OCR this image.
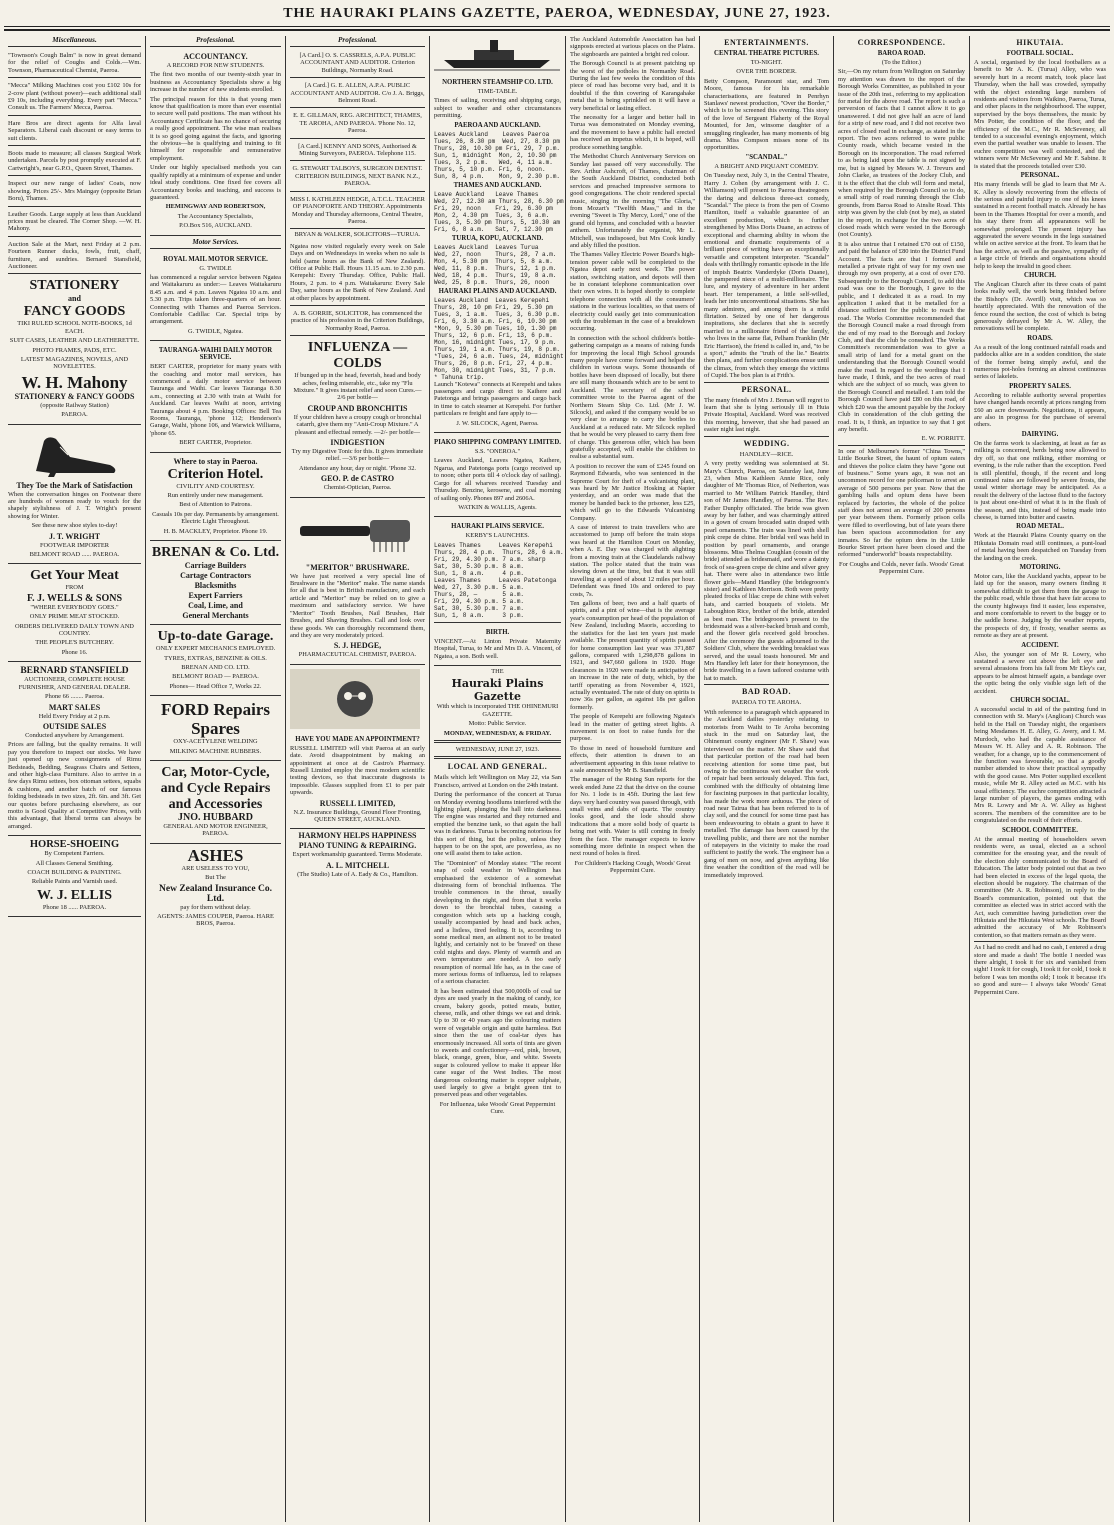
THE HAURAKI PLAINS GAZETTE, PAEROA, WEDNESDAY, JUNE 27, 1923.
Miscellaneous.

"Townson's Cough Balm" is now in great demand for the relief of Coughs and Colds.—Wm. Townson, Pharmaceutical Chemist, Paeroa.

"Mecca" Milking Machines cost you £102 10s for 2-cow plant (without power)—each additional stall £9 10s, including everything. Every part "Mecca." Consult us. The Farmers' Mecca, Paeroa.

Hare Bros are direct agents for Alfa laval Separators. Liberal cash discount or easy terms to suit clients.

Boots made to measure; all classes Surgical Work undertaken. Parcels by post promptly executed at F. Cartwright's, near G.P.O., Queen Street, Thames.

Inspect our new range of ladies' Coats, now showing. Prices 25/-. Mrs Maingay (opposite Brian Boru), Thames.

Leather Goods. Large supply at less than Auckland prices must be cleared. The Corner Shop. —W. H. Mahony.

Auction Sale at the Mart, next Friday at 2 p.m. Fourteen Runner ducks, fowls, fruit, chaff, furniture, and sundries. Bernard Stansfield, Auctioneer.

STATIONERY
and
FANCY GOODS

TIKI RULED SCHOOL NOTE-BOOKS, 1d EACH.

SUIT CASES, LEATHER AND LEATHERETTE.

PHOTO FRAMES, PADS, ETC.

LATEST MAGAZINES, NOVELS, AND NOVELETTES.

W. H. Mahony
STATIONERY & FANCY GOODS

(opposite Railway Station)

PAEROA.

They Toe the Mark of Satisfaction

When the conversation hinges on Footwear there are hundreds of women ready to vouch for the shapely stylishness of J. T. Wright's present showing for Winter.

See these new shoe styles to-day!

J. T. WRIGHT

FOOTWEAR IMPORTER

BELMONT ROAD ...... PAEROA.

Get Your Meat

FROM

F. J. WELLS & SONS

"WHERE EVERYBODY GOES."

ONLY PRIME MEAT STOCKED.

ORDERS DELIVERED DAILY TOWN AND COUNTRY.

THE PEOPLE'S BUTCHERY.

Phone 16.

BERNARD STANSFIELD

AUCTIONEER, COMPLETE HOUSE FURNISHER, AND GENERAL DEALER.

Phone 66 ........ Paeroa.

MART SALES

Held Every Friday at 2 p.m.

OUTSIDE SALES

Conducted anywhere by Arrangement.

Prices are falling, but the quality remains. It will pay you therefore to inspect our stocks. We have just opened up new consignments of Rimu Bedsteads, Bedding, Seagrass Chairs and Settees, and other high-class Furniture. Also to arrive in a few days Rimu settees, box ottoman settees, squabs & cushions, and another batch of our famous folding bedsteads in two sizes, 2ft. 6in. and 3ft. Get our quotes before purchasing elsewhere, as our motto is Good Quality at Competitive Prices, with this advantage, that liberal terms can always be arranged.

HORSE-SHOEING

By Competent Farriers.

All Classes General Smithing.

COACH BUILDING & PAINTING.

Reliable Paints and Varnish used.

W. J. ELLIS

Phone 18 ...... PAEROA.

Professional.
ACCOUNTANCY.

A RECORD FOR NEW STUDENTS.

The first two months of our twenty-sixth year in business as Accountancy Specialists show a big increase in the number of new students enrolled.

The principal reason for this is that young men know that qualification is more than ever essential to secure well paid positions. The man without his Accountancy Certificate has no chance of securing a really good appointment. The wise man realises it is so good going against the facts, and ignoring the obvious—he is qualifying and training to fit himself for responsible and remunerative employment.

Under our highly specialised methods you can qualify rapidly at a minimum of expense and under ideal study conditions. One fixed fee covers all Accountancy books and teaching, and success is guaranteed.

HEMINGWAY AND ROBERTSON,

The Accountancy Specialists,

P.O.Box 516, AUCKLAND.

Motor Services.
ROYAL MAIL MOTOR SERVICE.

G. TWIDLE

has commenced a regular service between Ngatea and Waitakaruru as under:— Leaves Waitakaruru 8.45 a.m. and 4 p.m. Leaves Ngatea 10 a.m. and 5.30 p.m. Trips taken three-quarters of an hour. Connecting with Thames and Paeroa Services. Comfortable Cadillac Car. Special trips by arrangement.

G. TWIDLE, Ngatea.

TAURANGA-WAIHI DAILY MOTOR SERVICE.

BERT CARTER, proprietor for many years with the coaching and motor mail services, has commenced a daily motor service between Tauranga and Waihi. Car leaves Tauranga 8.30 a.m., connecting at 2.30 with train at Waihi for Auckland. Car leaves Waihi at noon, arriving Tauranga about 4 p.m. Booking Offices: Bell Tea Rooms, Tauranga, 'phone 112; Henderson's Garage, Waihi, 'phone 106, and Warwick Williams, 'phone 65.

BERT CARTER, Proprietor.

Where to stay in Paeroa.
Criterion Hotel.

CIVILITY AND COURTESY.

Run entirely under new management.

Best of Attention to Patrons.

Casuals 10s per day. Permanents by arrangement. Electric Light Throughout.

H. B. MACKLEY, Proprietor. Phone 19.

BRENAN & Co. Ltd.
Carriage Builders
Cartage Contractors
Blacksmiths
Expert Farriers
Coal, Lime, and
General Merchants
Up-to-date Garage.

ONLY EXPERT MECHANICS EMPLOYED.

TYRES, EXTRAS, BENZINE & OILS.

BRENAN AND CO. LTD.

BELMONT ROAD — PAEROA.

Phones— Head Office 7, Works 22.

FORD Repairs Spares

OXY-ACETYLENE WELDING

MILKING MACHINE RUBBERS.

Car, Motor-Cycle, and Cycle Repairs and Accessories
JNO. HUBBARD

GENERAL AND MOTOR ENGINEER, PAEROA.

ASHES

ARE USELESS TO YOU,

But The

New Zealand Insurance Co. Ltd.

pay for them without delay.

AGENTS: JAMES COUPER, Paeroa. HARE BROS, Paeroa.

Professional.

[A Card.] O. S. CASSRELS, A.P.A. PUBLIC ACCOUNTANT AND AUDITOR. Criterion Buildings, Normanby Road.

[A Card.] G. E. ALLEN, A.P.A. PUBLIC ACCOUNTANT AND AUDITOR. C/o J. A. Briggs, Belmont Road.

E. E. GILLMAN, REG. ARCHITECT, THAMES, TE AROHA, AND PAEROA. 'Phone No. 12, Paeroa.

[A Card.] KENNY AND SONS, Authorised & Mining Surveyors, PAEROA. Telephone 115.

G. STEWART TALBOYS, SURGEON DENTIST. CRITERION BUILDINGS, NEXT BANK N.Z., PAEROA.

MISS I. KATHLEEN HEDGE, A.T.C.L. TEACHER OF PIANOFORTE AND THEORY. Appointments Monday and Thursday afternoons, Central Theatre, Paeroa.

BRYAN & WALKER, SOLICITORS—TURUA.

Ngatea now visited regularly every week on Sale Days and on Wednesdays in weeks when no sale is held (same hours as the Bank of New Zealand). Office at Public Hall. Hours 11.15 a.m. to 2.30 p.m. Kerepehi: Every Thursday. Office, Public Hall. Hours, 2 p.m. to 4 p.m. Waitakaruru: Every Sale Day, same hours as the Bank of New Zealand. And at other places by appointment.

A. B. GORRIE, SOLICITOR, has commenced the practice of his profession in the Criterion Buildings, Normanby Road, Paeroa.

INFLUENZA — COLDS

If bunged up in the head, feverish, head and body aches, feeling miserable, etc., take my "Flu Mixture." It gives instant relief and soon Cures.—2/6 per bottle—

CROUP AND BRONCHITIS

If your children have a croupy cough or bronchial catarrh, give them my "Anti-Croup Mixture." A pleasant and effectual remedy. —2/- per bottle—

INDIGESTION

Try my Digestive Tonic for this. It gives immediate relief. —3/6 per bottle—

Attendance any hour, day or night. 'Phone 32.

GEO. P. de CASTRO

Chemist-Optician, Paeroa.

"MERITOR" BRUSHWARE.

We have just received a very special line of Brushware in the "Meritor" make. The name stands for all that is best in British manufacture, and each article and "Meritor" may be relied on to give a maximum and satisfactory service. We have "Meritor" Tooth Brushes, Nail Brushes, Hair Brushes, and Shaving Brushes. Call and look over these goods. We can thoroughly recommend them, and they are very moderately priced.

S. J. HEDGE,

PHARMACEUTICAL CHEMIST, PAEROA.

HAVE YOU MADE AN APPOINTMENT?

RUSSELL LIMITED will visit Paeroa at an early date. Avoid disappointment by making an appointment at once at de Castro's Pharmacy. Russell Limited employ the most modern scientific testing devices, so that inaccurate diagnosis is impossible. Glasses supplied from £1 to per pair upwards.

RUSSELL LIMITED,

N.Z. Insurance Buildings, Ground Floor Fronting, QUEEN STREET, AUCKLAND.

HARMONY HELPS HAPPINESS
PIANO TUNING & REPAIRING.

Expert workmanship guaranteed. Terms Moderate.

A. L. MITCHELL

(The Studio) Late of A. Eady & Co., Hamilton.

NORTHERN STEAMSHIP CO. LTD.

TIME-TABLE.

Times of sailing, receiving and shipping cargo, subject to weather and other circumstances permitting.

PAEROA AND AUCKLAND.
Leaves Auckland    Leaves Paeroa
Tues, 26, 8.30 pm  Wed, 27, 8.30 pm
Thurs, 28, 10.30 pm Fri, 29, 7 p.m.
Sun, 1, midnight  Mon, 2, 10.30 pm
Tues, 3, 2 p.m.   Wed, 4, 11 a.m.
Thurs, 5, 10 p.m. Fri, 6, noon.
Sun, 8, 4 p.m.    Mon, 9, 2.30 p.m.
THAMES AND AUCKLAND.
Leave Auckland   Leave Thames
Wed, 27, 12.30 am Thurs, 28, 6.30 pm
Fri, 29, noon    Fri, 29, 6.30 pm
Mon, 2, 4.30 pm  Tues, 3, 6 a.m.
Tues, 3, 5.30 pm Thurs, 5, 10.30 am
Fri, 6, 8 a.m.   Sat, 7, 12.30 pm
TURUA, KOPU, AUCKLAND.
Leaves Auckland  Leaves Turua
Wed, 27, noon    Thurs, 28, 7 a.m.
Mon, 4, 5.30 pm  Thurs, 5, 8 a.m.
Wed, 11, 8 p.m.  Thurs, 12, 1 p.m.
Wed, 18, 4 p.m.  Thurs, 19, 8 a.m.
Wed, 25, 8 p.m.  Thurs, 26, noon
HAURAKI PLAINS AND AUCKLAND.
Leaves Auckland  Leaves Kerepehi
Thurs, 28, 10 pm Fri, 29, 5.30 pm
Tues, 3, 1 a.m.  Tues, 3, 6.30 p.m.
Fri, 6, 3.30 a.m. Fri, 6, 10.30 pm
*Mon, 9, 5.30 pm Tues, 10, 1.30 pm
Thurs, 12, 6 p.m. Fri, 13, 6 p.m.
Mon, 16, midnight Tues, 17, 9 p.m.
Thurs, 19, 1 a.m. Thurs, 19, 8 p.m.
*Tues, 24, 6 a.m. Tues, 24, midnight
Thurs, 26, 8 p.m. Fri, 27, 4 p.m.
Mon, 30, midnight Tues, 31, 7 p.m.
* Tahuna trip.

Launch "Kotewa" connects at Kerepehi and takes passengers and cargo direct to Kaihere and Patetonga and brings passengers and cargo back in time to catch steamer at Kerepehi. For further particulars re freight and fare apply to—

J. W. SILCOCK, Agent, Paeroa.

PIAKO SHIPPING COMPANY LIMITED.

S.S. "ONEROA."

Leaves Auckland, Leaves Ngatea, Kaihere, Ngarua, and Patetonga ports (cargo received up to noon; other ports till 4 o'clock day of sailing). Cargo for all wharves received Tuesday and Thursday. Benzine, kerosene, and coal morning of sailing only. Phones 897 and 2606A.

WATKIN & WALLIS, Agents.

HAURAKI PLAINS SERVICE.

KERBY'S LAUNCHES.

Leaves Thames     Leaves Kerepehi
Thurs, 28, 4 p.m.  Thurs, 28, 6 a.m.
Fri, 29, 4.30 p.m. 7 a.m. sharp
Sat, 30, 5.30 p.m. 8 a.m.
Sun, 1, 8 a.m.     4 p.m.
Leaves Thames     Leaves Patetonga
Wed, 27, 3.30 p.m. 5 a.m.
Thurs, 28, —       5 a.m.
Fri, 29, 4.30 p.m. 5 a.m.
Sat, 30, 5.30 p.m. 7 a.m.
Sun, 1, 8 a.m.     3 p.m.
BIRTH.

VINCENT.—At Linton Private Maternity Hospital, Turua, to Mr and Mrs D. A. Vincent, of Ngatea, a son. Both well.

THE

Hauraki Plains Gazette

With which is incorporated THE OHINEMURI GAZETTE.

Motto: Public Service.

MONDAY, WEDNESDAY, & FRIDAY.

WEDNESDAY, JUNE 27, 1923.

LOCAL AND GENERAL.

Mails which left Wellington on May 22, via San Francisco, arrived at London on the 24th instant.

During the performance of the concert at Turua on Monday evening hoodlums interfered with the lighting plant, plunging the hall into darkness. The engine was restarted and they returned and emptied the benzine tank, so that again the hall was in darkness. Turua is becoming notorious for this sort of thing, but the police, unless they happen to be on the spot, are powerless, as no one will assist them to take action.

The "Dominion" of Monday states: "The recent snap of cold weather in Wellington has emphasised the existence of a somewhat distressing form of bronchial influenza. The trouble commences in the throat, usually developing in the night, and from that it works down to the bronchial tubes, causing a congestion which sets up a hacking cough, usually accompanied by head and back aches, and a listless, tired feeling. It is, according to some medical men, an ailment not to be treated lightly, and certainly not to be 'braved' on these cold nights and days. Plenty of warmth and an even temperature are needed. A too early resumption of normal life has, as in the case of more serious forms of influenza, led to relapses of a serious character.

It has been estimated that 500,000lb of coal tar dyes are used yearly in the making of candy, ice cream, bakery goods, potted meats, butter, cheese, milk, and other things we eat and drink. Up to 30 or 40 years ago the colouring matters were of vegetable origin and quite harmless. But since then the use of coal-tar dyes has enormously increased. All sorts of tints are given to sweets and confectionery—red, pink, brown, black, orange, green, blue, and white. Sweets sugar is coloured yellow to make it appear like cane sugar of the West Indies. The most dangerous colouring matter is copper sulphate, used largely to give a bright green tint to preserved peas and other vegetables.

For Influenza, take Woods' Great Peppermint Cure.

The Auckland Automobile Association has had signposts erected at various places on the Plains. The signboards are painted a bright red colour.

The Borough Council is at present patching up the worst of the potholes in Normanby Road. During the last few weeks the condition of this piece of road has become very bad, and it is doubtful if the thin covering of Karangahake metal that is being sprinkled on it will have a very beneficial or lasting effect.

The necessity for a larger and better hall in Turua was demonstrated on Monday evening, and the movement to have a public hall erected has received an impetus which, it is hoped, will produce something tangible.

The Methodist Church Anniversary Services on Sunday last passed off very successfully. The Rev. Arthur Ashcroft, of Thames, chairman of the South Auckland District, conducted both services and preached impressive sermons to good congregations. The choir rendered special music, singing in the morning "The Gloria," from Mozart's "Twelfth Mass," and in the evening "Sweet is Thy Mercy, Lord," one of the grand old hymns, and concluded with a heavier anthem. Unfortunately the organist, Mr L. Mitchell, was indisposed, but Mrs Cook kindly and ably filled the position.

The Thames Valley Electric Power Board's high-tension power cable will be completed to the Ngatea depot early next week. The power station, switching station, and depots will then be in constant telephone communication over their own wires. It is hoped shortly to complete telephone connection with all the consumers' stations in the various localities, so that users of electricity could easily get into communication with the troubleman in the case of a breakdown occurring.

In connection with the school children's bottle-gathering campaign as a means of raising funds for improving the local High School grounds many people have come forward and helped the children in various ways. Some thousands of bottles have been disposed of locally, but there are still many thousands which are to be sent to Auckland. The secretary of the school committee wrote to the Paeroa agent of the Northern Steam Ship Co. Ltd. (Mr J. W. Silcock), and asked if the company would be so very clear to arrange to carry the bottles to Auckland at a reduced rate. Mr Silcock replied that he would be very pleased to carry them free of charge. This generous offer, which has been gratefully accepted, will enable the children to realise a substantial sum.

A position to recover the sum of £245 found on Raymond Edwards, who was sentenced in the Supreme Court for theft of a vulcanising plant, was heard by Mr Justice Hosking at Napier yesterday, and an order was made that the money be handed back to the prisoner, less £25, which will go to the Edwards Vulcanising Company.

A case of interest to train travellers who are accustomed to jump off before the train stops was heard at the Hamilton Court on Monday, when A. E. Day was charged with alighting from a moving train at the Claudelands railway station. The police stated that the train was slowing down at the time, but that it was still travelling at a speed of about 12 miles per hour. Defendant was fined 10s and ordered to pay costs, 7s.

Ten gallons of beer, two and a half quarts of spirits, and a pint of wine—that is the average year's consumption per head of the population of New Zealand, including Maoris, according to the statistics for the last ten years just made available. The present quantity of spirits passed for home consumption last year was 371,887 gallons, compared with 1,298,878 gallons in 1921, and 947,660 gallons in 1920. Huge clearances in 1920 were made in anticipation of an increase in the rate of duty, which, by the tariff operating as from November 4, 1921, actually eventuated. The rate of duty on spirits is now 36s per gallon, as against 18s per gallon formerly.

The people of Kerepehi are following Ngatea's lead in the matter of getting street lights. A movement is on foot to raise funds for the purpose.

To those in need of household furniture and effects, their attention is drawn to an advertisement appearing in this issue relative to a sale announced by Mr B. Stansfield.

The manager of the Rising Sun reports for the week ended June 22 that the drive on the course for No. 1 lode is in 45ft. During the last few days very hard country was passed through, with small veins and dabs of quartz. The country looks good, and the lode should show indications that a more solid body of quartz is being met with. Water is still coming in freely from the face. The manager expects to know something more definite in respect when the next round of holes is fired.

For Children's Hacking Cough, Woods' Great Peppermint Cure.

ENTERTAINMENTS.
CENTRAL THEATRE PICTURES.

TO-NIGHT.

OVER THE BORDER.

Betty Compson, Paramount star, and Tom Moore, famous for his remarkable characterisations, are featured in Penrhyn Stanlaws' newest production, "Over the Border," which is to be screened this evening. This story of the love of Sergeant Flaherty of the Royal Mounted, for Jen, winsome daughter of a smuggling ringleader, has many moments of big drama. Miss Compson misses none of its opportunities.

"SCANDAL."

A BRIGHT AND PIQUANT COMEDY.

On Tuesday next, July 3, in the Central Theatre, Harry J. Cohen (by arrangement with J. C. Williamson) will present to Paeroa theatregoers the daring and delicious three-act comedy, "Scandal." The piece is from the pen of Cosmo Hamilton, itself a valuable guarantee of an excellent production, which is further strengthened by Miss Doris Duane, an actress of exceptional and charming ability in whom the emotional and dramatic requirements of a brilliant piece of writing have an exceptionally versatile and competent interpreter. "Scandal" deals with thrillingly romantic episode in the life of impish Beatrix Vanderdyke (Doris Duane), the pampered niece of a multi-millionaire. The lure, and mystery of adventure in her ardent heart. Her temperament, a little self-willed, leads her into unconventional situations. She has many admirers, and among them is a mild flirtation. Seized by one of her dangerous inspirations, she declares that she is secretly married to a millionaire friend of the family, who lives in the same flat, Pelham Franklin (Mr Eric Harrison), the friend is called in, and, "to be a sport," admits the "truth of the lie." Beatrix then plans, and further complications ensue until the climax, from which they emerge the victims of Cupid. The box plan is at Frith's.

PERSONAL.

The many friends of Mrs J. Brenan will regret to learn that she is lying seriously ill in Huia Private Hospital, Auckland. Word was received this morning, however, that she had passed an easier night last night.

WEDDING.

HANDLEY—RICE.

A very pretty wedding was solemnised at St. Mary's Church, Paeroa, on Saturday last, June 23, when Miss Kathleen Annie Rice, only daughter of Mr Thomas Rice, of Netherton, was married to Mr William Patrick Handley, third son of Mr James Handley, of Paeroa. The Rev. Father Dunphy officiated. The bride was given away by her father, and was charmingly attired in a gown of cream brocaded satin draped with pearl ornaments. The train was lined with shell pink crepe de chine. Her bridal veil was held in position by pearl ornaments, and orange blossoms. Miss Thelma Coughlan (cousin of the bride) attended as bridesmaid, and wore a dainty frock of sea-green crepe de chine and silver grey hat. There were also in attendance two little flower girls—Mand Handley (the bridegroom's sister) and Kathleen Morrison. Both wore pretty pleated frocks of lilac crepe de chine with velvet hats, and carried bouquets of violets. Mr Laboughton Rice, brother of the bride, attended as best man. The bridegroom's present to the bridesmaid was a silver-backed brush and comb, and the flower girls received gold brooches. After the ceremony the guests adjourned to the Soldiers' Club, where the wedding breakfast was served, and the usual toasts honoured. Mr and Mrs Handley left later for their honeymoon, the bride travelling in a fawn tailored costume with hat to match.

BAD ROAD.

PAEROA TO TE AROHA.

With reference to a paragraph which appeared in the Auckland dailies yesterday relating to motorists from Waihi to Te Aroha becoming stuck in the mud on Saturday last, the Ohinemuri county engineer (Mr F. Shaw) was interviewed on the matter. Mr Shaw said that that particular portion of the road had been receiving attention for some time past, but owing to the continuous wet weather the work of repair had been seriously delayed. This fact, combined with the difficulty of obtaining lime for fascining purposes in that particular locality, has made the work more arduous. The piece of road near Tairua that has been referred to is of clay soil, and the council for some time past has been endeavouring to obtain a grant to have it metalled. The damage has been caused by the travelling public, and there are not the number of ratepayers in the vicinity to make the road sufficient to justify the work. The engineer has a gang of men on now, and given anything like fine weather the condition of the road will be immediately improved.

CORRESPONDENCE.
BAROA ROAD.

(To the Editor.)

Sir,—On my return from Wellington on Saturday my attention was drawn to the report of the Borough Works Committee, as published in your issue of the 20th inst., referring to my application for metal for the above road. The report is such a perversion of facts that I cannot allow it to go unanswered. I did not give half an acre of land for a strip of new road, and I did not receive two acres of closed road in exchange, as stated in the report. The two acres referred to were public County roads, which became vested in the Borough on its incorporation. The road referred to as being laid upon the table is not signed by me, but is signed by Messrs W. J. Trevurs and John Clarke, as trustees of the Jockey Club, and it is the effect that the club will form and metal, when required by the Borough Council so to do, a small strip of road running through the Club grounds, from Baroa Road to Ainslie Road. This strip was given by the club (not by me), as stated in the report, in exchange for the two acres of closed roads which were vested in the Borough (not County).

It is also untrue that I retained £70 out of £150, and paid the balance of £80 into the District Fund Account. The facts are that I formed and metalled a private right of way for my own use through my own property, at a cost of over £70. Subsequently to the Borough Council, to add this road was one to the Borough, I gave to the public, and I dedicated it as a road. In my application I asked that it be metalled for a distance sufficient for the public to reach the road. The Works Committee recommended that the Borough Council make a road through from the end of my road to the Borough and Jockey Club, and that the club be consulted. The Works Committee's recommendation was to give a small strip of land for a metal grant on the understanding that the Borough Council would make the road. In regard to the wordings that I have made, I think, and the two acres of road which are the subject of so much, was given to the Borough Council and metalled. I am told the Borough Council have paid £80 on this road, of which £20 was the amount payable by the Jockey Club in consideration of the club getting the road. It is, I think, an injustice to say that I got any benefit.

E. W. PORRITT.

In one of Melbourne's former "China Towns," Little Bourke Street, the haunt of opium eaters and thieves the police claim they have "gone out of business." Some years ago, it was not an uncommon record for one policeman to arrest an average of 500 persons per year. Now that the gambling halls and opium dens have been replaced by factories, the whole of the police staff does not arrest an average of 200 persons per year between them. Formerly prison cells were filled to overflowing, but of late years there has been spacious accommodation for any inmates. So far the opium dens in the Little Bourke Street prison have been closed and the reformed "underworld" boasts respectability.

For Coughs and Colds, never fails. Woods' Great Peppermint Cure.

HIKUTAIA.
FOOTBALL SOCIAL.

A social, organised by the local footballers as a benefit to Mr A. K. (Turua) Alley, who was severely hurt in a recent match, took place last Thursday, when the hall was crowded, sympathy with the object extending large numbers of residents and visitors from Waikino, Paeroa, Turua, and other places in the neighbourhood. The supper, supervised by the boys themselves, the music by Mrs Potter, the condition of the floor, and the efficiency of the M.C., Mr R. McSeveney, all tended to a successful evening's enjoyment, which even the partial weather was unable to lessen. The euchre competition was well contested, and the winners were Mr McSeveney and Mr F. Sabine. It is stated that the proceeds totalled over £30.

PERSONAL.

His many friends will be glad to learn that Mr A. K. Alley is slowly recovering from the effects of the serious and painful injury to one of his knees sustained in a recent football match. Already he has been in the Thames Hospital for over a month, and his stay there from all appearances will be somewhat prolonged. The present injury has aggravated the severe wounds in the legs sustained while on active service at the front. To learn that he has the active, as well as the passive, sympathy of a large circle of friends and organisations should help to keep the invalid in good cheer.

CHURCH.

The Anglican Church after its three coats of paint looks really well, the work being finished before the Bishop's (Dr. Averill) visit, which was so heartily appreciated. With the renovation of the fence round the section, the cost of which is being generously defrayed by Mr A. W. Alley, the renovations will be complete.

ROADS.

As a result of the long continued rainfall roads and paddocks alike are in a sodden condition, the state of the former being simply awful, and the numerous pot-holes forming an almost continuous series of lakelets.

PROPERTY SALES.

According to reliable authority several properties have changed hands recently at prices ranging from £60 an acre downwards. Negotiations, it appears, are also in progress for the purchase of several others.

DAIRYING.

On the farms work is slackening, at least as far as milking is concerned, herds being now allowed to dry off, so that one milking, either morning or evening, is the rule rather than the exception. Feed is still plentiful, though, if the recent and long continued rains are followed by severe frosts, the usual winter shortage may be anticipated. As a result the delivery of the lactose fluid to the factory is just about one-third of what it is in the flush of the season, and this, instead of being made into cheese, is turned into butter and casein.

ROAD METAL.

Work at the Hauraki Plains County quarry on the Hikutaia Domain road still continues, a punt-load of metal having been despatched on Tuesday from the landing on the creek.

MOTORING.

Motor cars, like the Auckland yachts, appear to be laid up for the season, many owners finding it somewhat difficult to get them from the garage to the public road, while those that have fair access to the county highways find it easier, less expensive, and more comfortable to revert to the buggy or to the saddle horse. Judging by the weather reports, the prospects of dry, if frosty, weather seems as remote as they are at present.

ACCIDENT.

Also, the younger son of Mr R. Lowry, who sustained a severe cut above the left eye and several abrasions from his fall from Mr Eley's car, appears to be almost himself again, a bandage over the optic being the only visible sign left of the accident.

CHURCH SOCIAL.

A successful social in aid of the painting fund in connection with St. Mary's (Anglican) Church was held in the Hall on Tuesday night, the organisers being Mesdames H. E. Alley, G. Avery, and I. M. Murdoch, who had the capable assistance of Messrs W. H. Alley and A. R. Robinson. The weather, for a change, up to the commencement of the function was favourable, so that a goodly number attended to show their practical sympathy with the good cause. Mrs Potter supplied excellent music, while Mr R. Alley acted as M.C. with his usual efficiency. The euchre competition attracted a large number of players, the games ending with Mrs R. Lowry and Mr A. W. Alley as highest scorers. The members of the committee are to be congratulated on the result of their efforts.

SCHOOL COMMITTEE.

At the annual meeting of householders seven residents were, as usual, elected as a school committee for the ensuing year, and the result of the election duly communicated to the Board of Education. The latter body pointed out that as two had been elected in excess of the legal quota, the election should be nugatory. The chairman of the committee (Mr A. R. Robinson), in reply to the Board's communication, pointed out that the committee as elected was in strict accord with the Act, such committee having jurisdiction over the Hikutaia and the Hikutaia West schools. The Board admitted the accuracy of Mr Robinson's contention, so that matters remain as they were.

As I had no credit and had no cash, I entered a drug store and made a dash! The bottle I needed was there alright, I took it for six and vanished from sight! I took it for cough, I took it for cold, I took it before I was ten months old; I took it because it's so good and sure— I always take Woods' Great Peppermint Cure.
